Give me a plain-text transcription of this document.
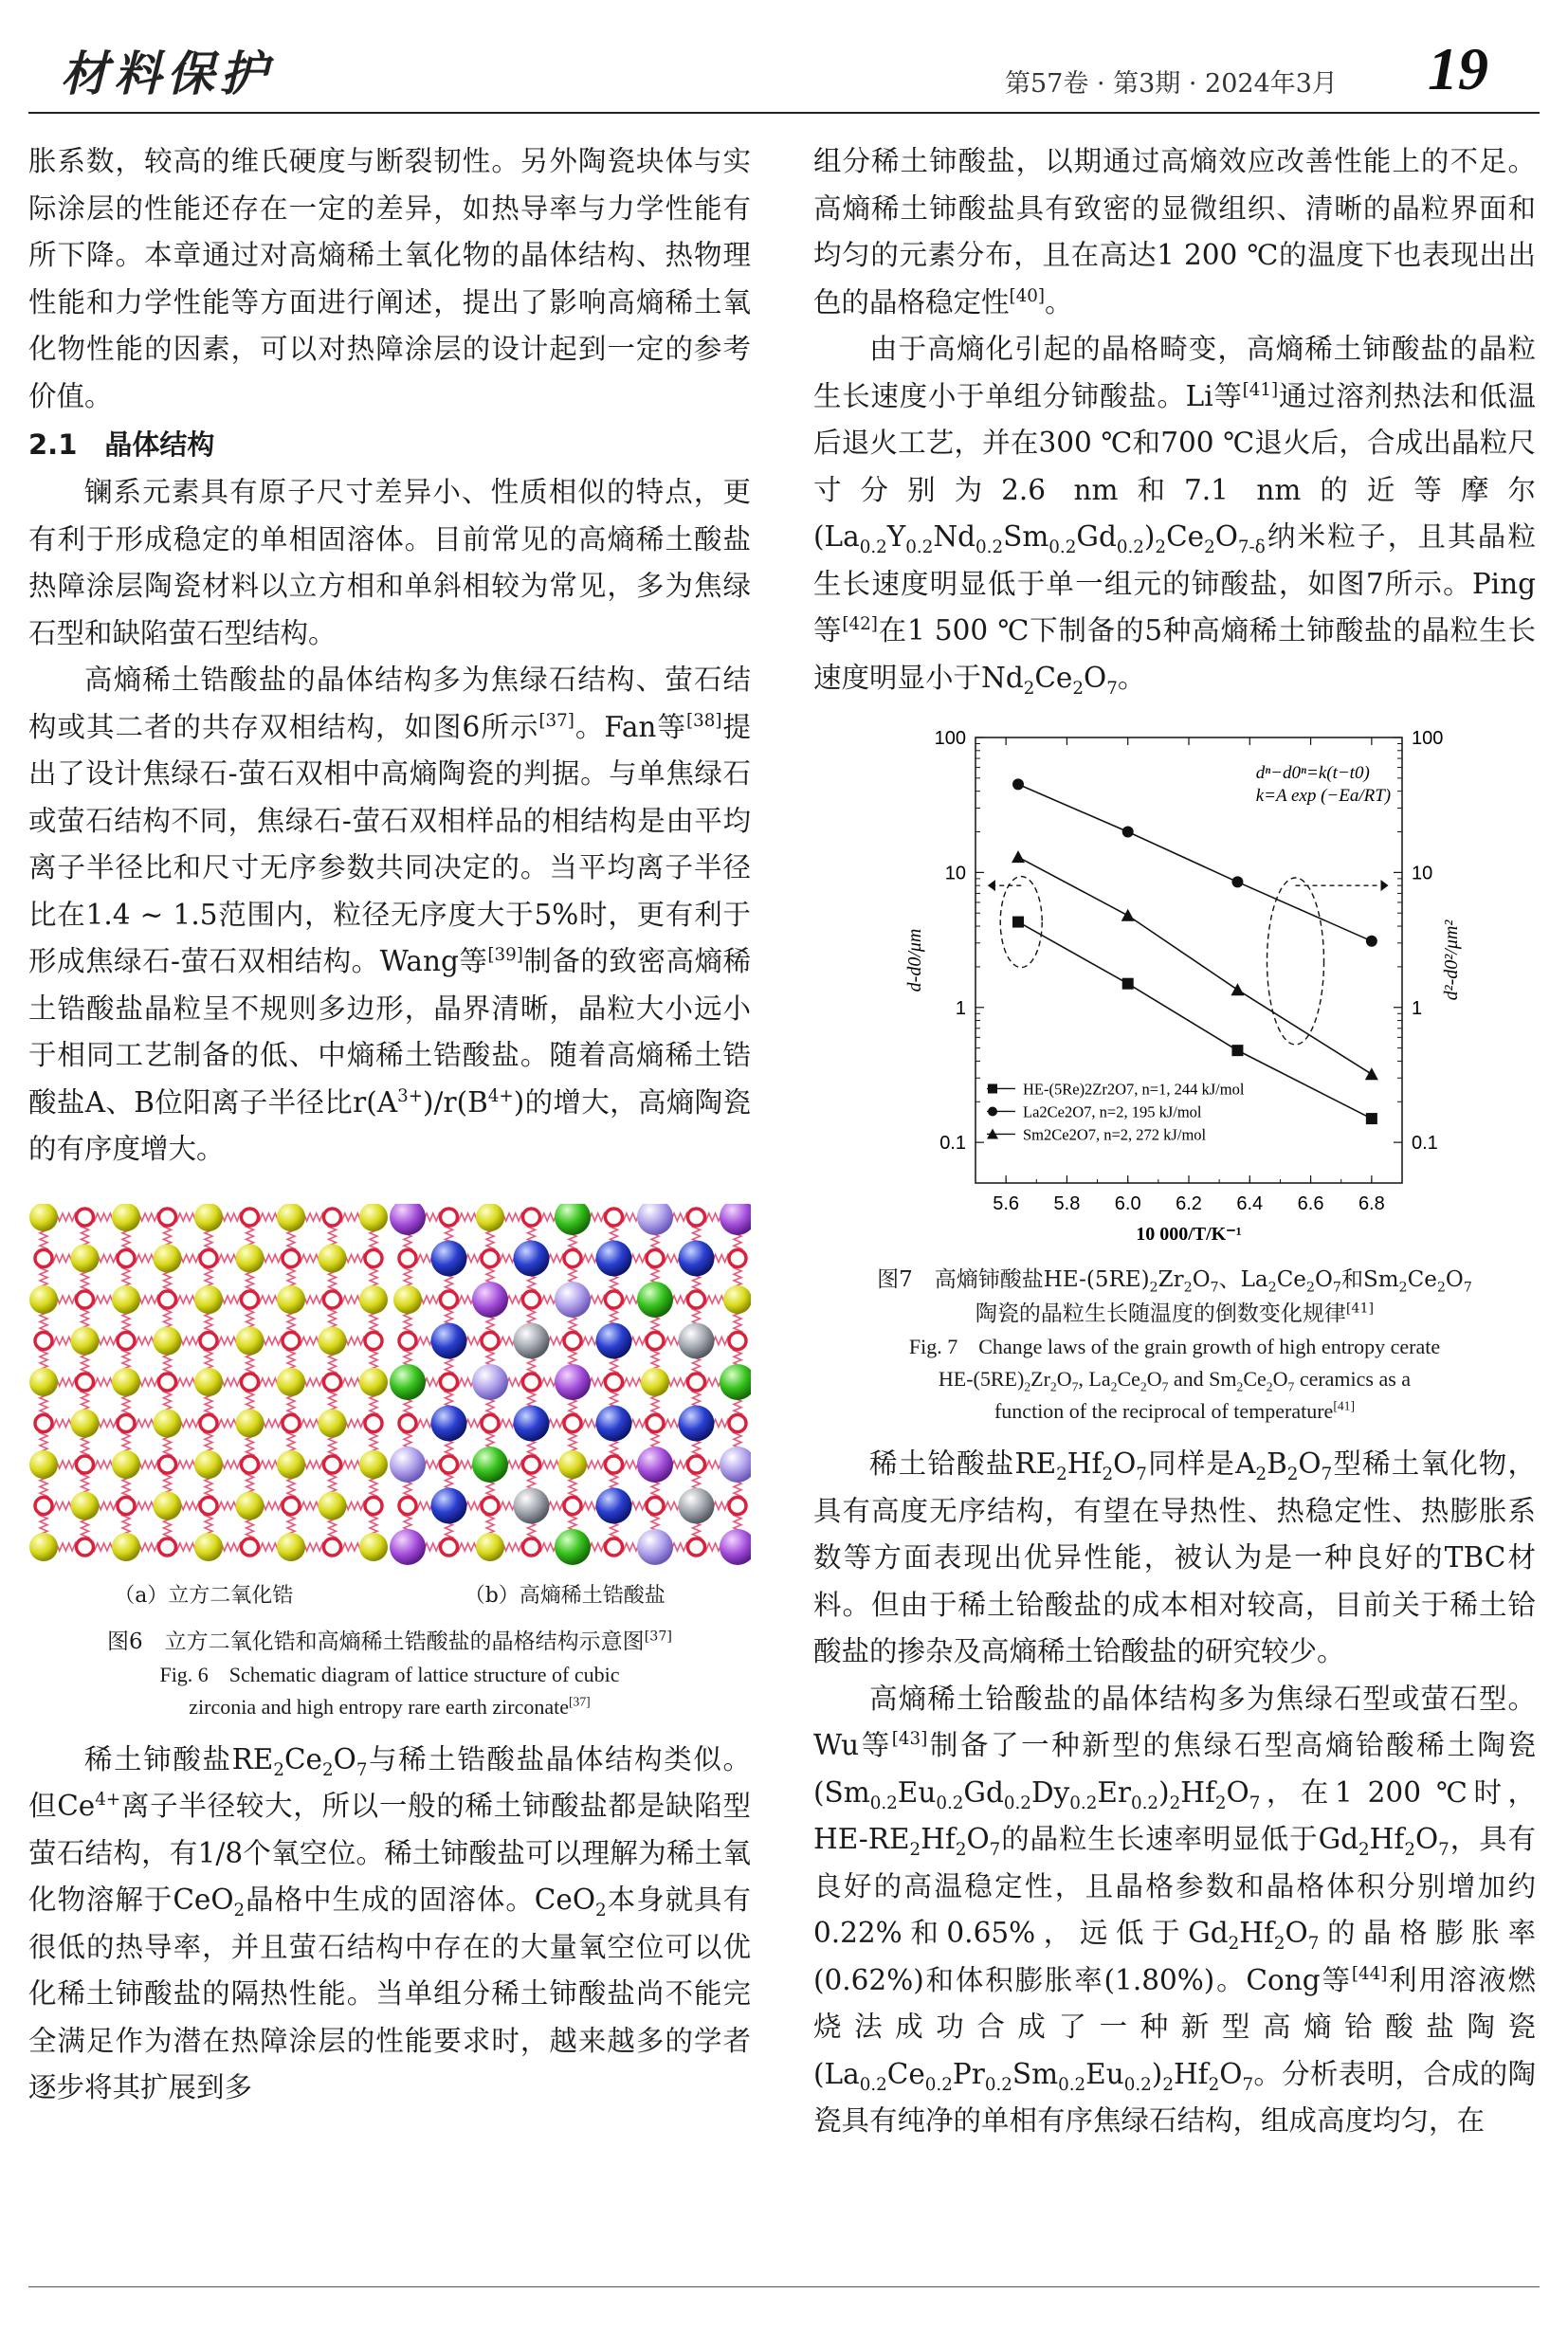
材料保护	第57卷 · 第3期 · 2024年3月 19

胀系数，较高的维氏硬度与断裂韧性。另外陶瓷块体与实际涂层的性能还存在一定的差异，如热导率与力学性能有所下降。本章通过对高熵稀土氧化物的晶体结构、热物理性能和力学性能等方面进行阐述，提出了影响高熵稀土氧化物性能的因素，可以对热障涂层的设计起到一定的参考价值。

2.1　晶体结构

镧系元素具有原子尺寸差异小、性质相似的特点，更有利于形成稳定的单相固溶体。目前常见的高熵稀土酸盐热障涂层陶瓷材料以立方相和单斜相较为常见，多为焦绿石型和缺陷萤石型结构。

高熵稀土锆酸盐的晶体结构多为焦绿石结构、萤石结构或其二者的共存双相结构，如图6所示[37]。Fan等[38]提出了设计焦绿石-萤石双相中高熵陶瓷的判据。与单焦绿石或萤石结构不同，焦绿石-萤石双相样品的相结构是由平均离子半径比和尺寸无序参数共同决定的。当平均离子半径比在1.4 ~ 1.5范围内，粒径无序度大于5%时，更有利于形成焦绿石-萤石双相结构。Wang等[39]制备的致密高熵稀土锆酸盐晶粒呈不规则多边形，晶界清晰，晶粒大小远小于相同工艺制备的低、中熵稀土锆酸盐。随着高熵稀土锆酸盐A、B位阳离子半径比$r(A^{3+})/r(B^{4+})$的增大，高熵陶瓷的有序度增大。

（a）立方二氧化锆	（b）高熵稀土锆酸盐
图6　立方二氧化锆和高熵稀土锆酸盐的晶格结构示意图[37]
Fig. 6　Schematic diagram of lattice structure of cubic
zirconia and high entropy rare earth zirconate[37]

稀土铈酸盐$RE_2Ce_2O_7$与稀土锆酸盐晶体结构类似。但$Ce^{4+}$离子半径较大，所以一般的稀土铈酸盐都是缺陷型萤石结构，有1/8个氧空位。稀土铈酸盐可以理解为稀土氧化物溶解于CeO$_2$晶格中生成的固溶体。CeO$_2$本身就具有很低的热导率，并且萤石结构中存在的大量氧空位可以优化稀土铈酸盐的隔热性能。当单组分稀土铈酸盐尚不能完全满足作为潜在热障涂层的性能要求时，越来越多的学者逐步将其扩展到多

组分稀土铈酸盐，以期通过高熵效应改善性能上的不足。高熵稀土铈酸盐具有致密的显微组织、清晰的晶粒界面和均匀的元素分布，且在高达1 200 ℃的温度下也表现出出色的晶格稳定性[40]。

由于高熵化引起的晶格畸变，高熵稀土铈酸盐的晶粒生长速度小于单组分铈酸盐。Li等[41]通过溶剂热法和低温后退火工艺，并在300 ℃和700 ℃退火后，合成出晶粒尺寸分别为2.6 nm和7.1 nm的近等摩尔$(La_{0.2}Y_{0.2}Nd_{0.2}Sm_{0.2}Gd_{0.2})_2Ce_2O_{7-\delta}$纳米粒子，且其晶粒生长速度明显低于单一组元的铈酸盐，如图7所示。Ping等[42]在1 500 ℃下制备的5种高熵稀土铈酸盐的晶粒生长速度明显小于$Nd_2Ce_2O_7$。

5.6 5.8 6.0 6.2 6.4 6.6 6.8
0.1	0.1
1	1
10	10
100	100
10 000/T/K⁻¹
d-d0/μm	d²-d0²/μm²
dⁿ−d0ⁿ=k(t−t0)
k=A exp (−Ea/RT)
HE-(5Re)2Zr2O7, n=1, 244 kJ/mol
La2Ce2O7, n=2, 195 kJ/mol
Sm2Ce2O7, n=2, 272 kJ/mol
图7　高熵铈酸盐$HE-(5RE)_2Zr_2O_7$、$La_2Ce_2O_7$和$Sm_2Ce_2O_7$
陶瓷的晶粒生长随温度的倒数变化规律[41]
Fig. 7　Change laws of the grain growth of high entropy cerate
$HE-(5RE)_2Zr_2O_7$, $La_2Ce_2O_7$ and $Sm_2Ce_2O_7$ ceramics as a
function of the reciprocal of temperature[41]

稀土铪酸盐$RE_2Hf_2O_7$同样是$A_2B_2O_7$型稀土氧化物，具有高度无序结构，有望在导热性、热稳定性、热膨胀系数等方面表现出优异性能，被认为是一种良好的TBC材料。但由于稀土铪酸盐的成本相对较高，目前关于稀土铪酸盐的掺杂及高熵稀土铪酸盐的研究较少。

高熵稀土铪酸盐的晶体结构多为焦绿石型或萤石型。Wu等[43]制备了一种新型的焦绿石型高熵铪酸稀土陶瓷$(Sm_{0.2}Eu_{0.2}Gd_{0.2}Dy_{0.2}Er_{0.2})_2Hf_2O_7$，在1 200 ℃时，$HE-RE_2Hf_2O_7$的晶粒生长速率明显低于$Gd_2Hf_2O_7$，具有良好的高温稳定性，且晶格参数和晶格体积分别增加约0.22%和0.65%，远低于$Gd_2Hf_2O_7$的晶格膨胀率(0.62%)和体积膨胀率(1.80%)。Cong等[44]利用溶液燃烧法成功合成了一种新型高熵铪酸盐陶瓷$(La_{0.2}Ce_{0.2}Pr_{0.2}Sm_{0.2}Eu_{0.2})_2Hf_2O_7$。分析表明，合成的陶瓷具有纯净的单相有序焦绿石结构，组成高度均匀，在
